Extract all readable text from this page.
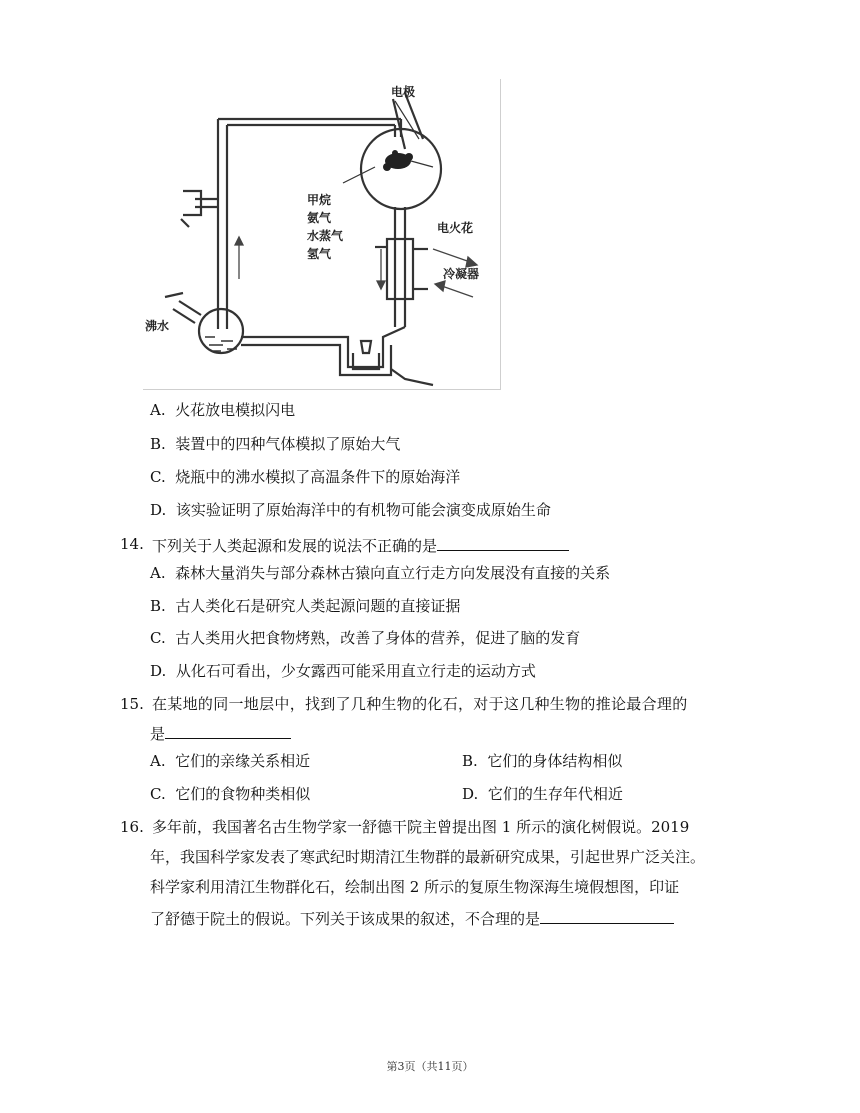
电极
甲烷
氨气
水蒸气
氢气
电火花
冷凝器
沸水
A. 火花放电模拟闪电
B. 装置中的四种气体模拟了原始大气
C. 烧瓶中的沸水模拟了高温条件下的原始海洋
D. 该实验证明了原始海洋中的有机物可能会演变成原始生命
14. 下列关于人类起源和发展的说法不正确的是
A. 森林大量消失与部分森林古猿向直立行走方向发展没有直接的关系
B. 古人类化石是研究人类起源问题的直接证据
C. 古人类用火把食物烤熟，改善了身体的营养，促进了脑的发育
D. 从化石可看出，少女露西可能采用直立行走的运动方式
15. 在某地的同一地层中，找到了几种生物的化石，对于这几种生物的推论最合理的
是
A. 它们的亲缘关系相近	B. 它们的身体结构相似
C. 它们的食物种类相似	D. 它们的生存年代相近
16. 多年前，我国著名古生物学家一舒德干院主曾提出图 1 所示的演化树假说。2019
年，我国科学家发表了寒武纪时期清江生物群的最新研究成果，引起世界广泛关注。
科学家利用清江生物群化石，绘制出图 2 所示的复原生物深海生境假想图，印证
了舒德于院土的假说。下列关于该成果的叙述，不合理的是
第3页（共11页）
